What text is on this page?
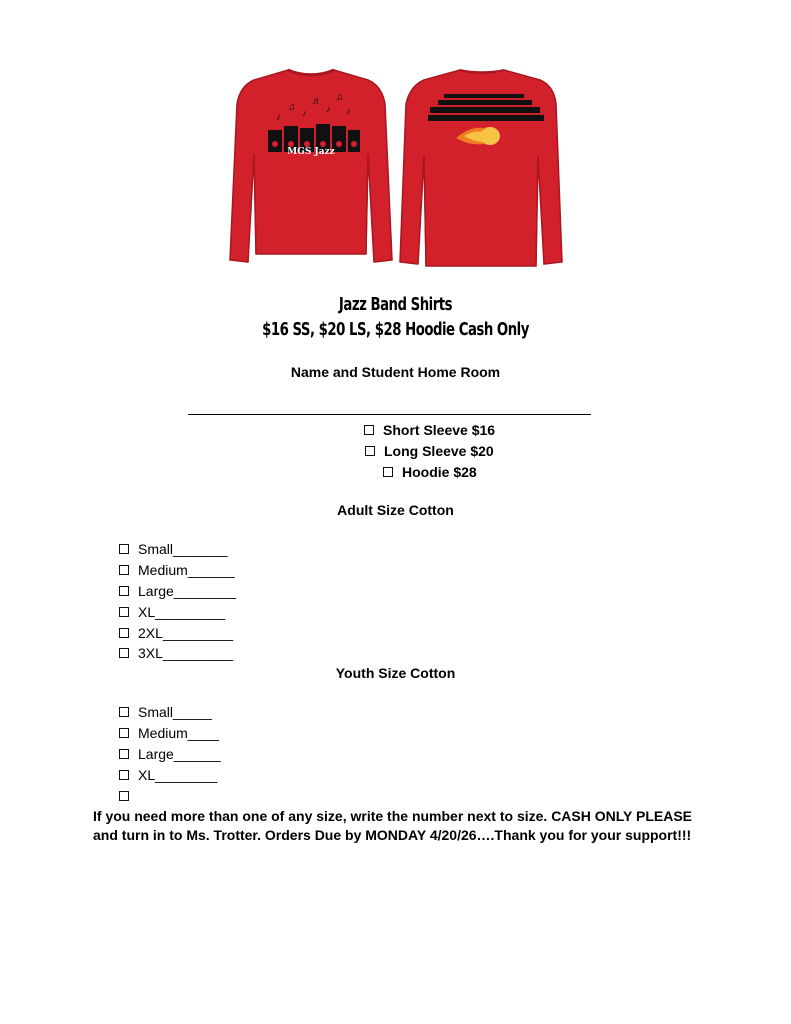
♪
♫ ♪
♬
♪
♫
♪
MGS Jazz
Jazz Band Shirts
$16 SS, $20 LS, $28 Hoodie Cash Only
Name and Student Home Room
Short Sleeve $16
Long Sleeve $20
Hoodie $28
Adult Size Cotton
Small_______
Medium______
Large________
XL_________
2XL_________
3XL_________
Youth Size Cotton
Small_____
Medium____
Large______
XL________
If you need more than one of any size, write the number next to size. CASH ONLY PLEASE and turn in to Ms. Trotter. Orders Due by MONDAY 4/20/26….Thank you for your support!!!
